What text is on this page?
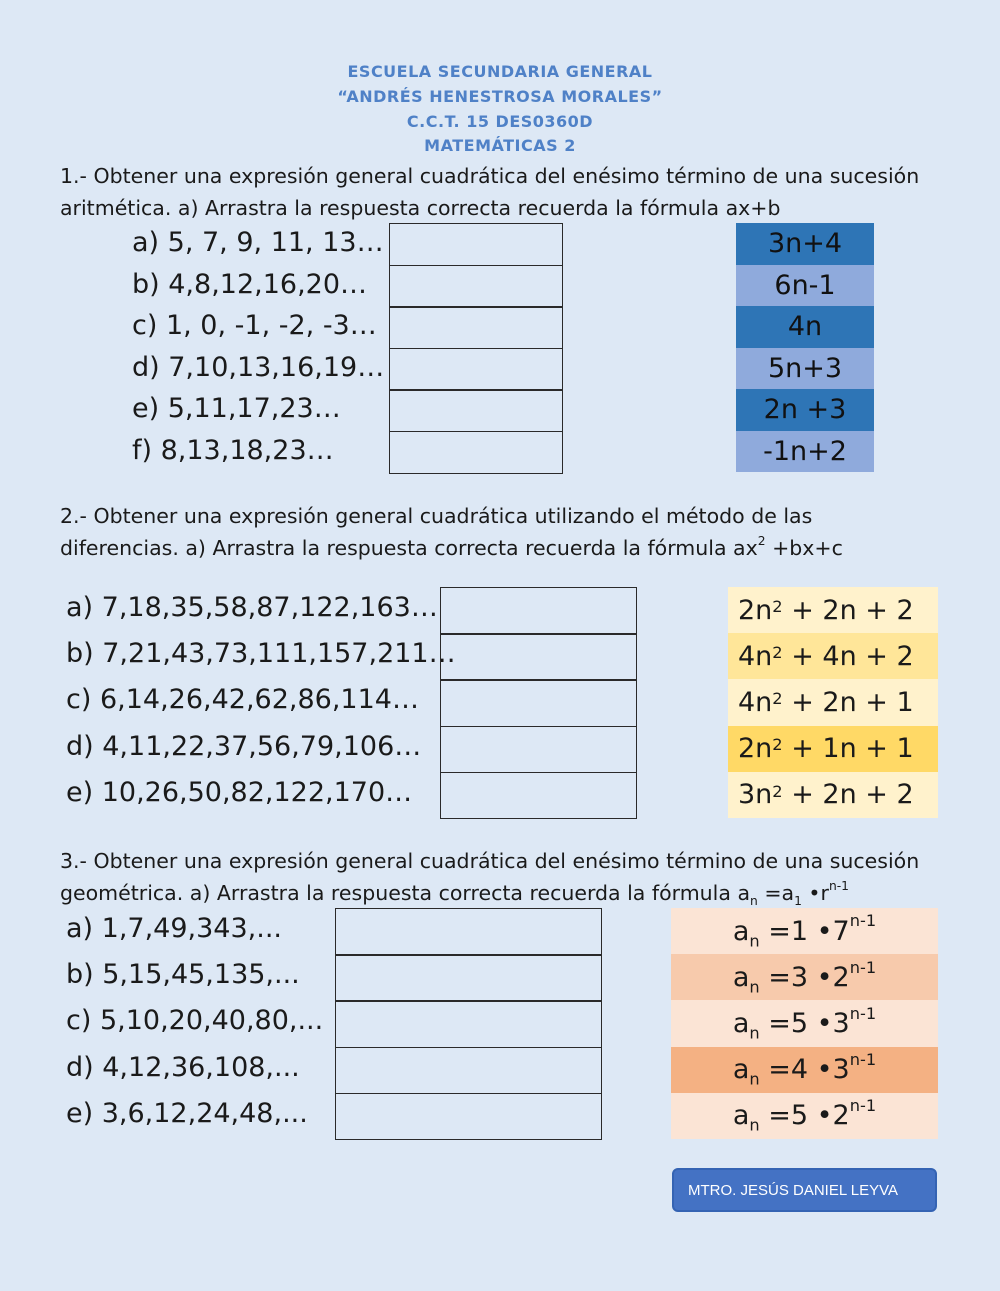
ESCUELA SECUNDARIA GENERAL
“ANDRÉS HENESTROSA MORALES”
C.C.T. 15 DES0360D
MATEMÁTICAS 2
1.- Obtener una expresión general cuadrática del enésimo término de una sucesión
aritmética. a) Arrastra la respuesta correcta recuerda la fórmula ax+b
a) 5, 7, 9, 11, 13…
b) 4,8,12,16,20…
c) 1, 0, -1, -2, -3…
d) 7,10,13,16,19…
e) 5,11,17,23…
f) 8,13,18,23…
3n+4
6n-1
4n
5n+3
2n +3
-1n+2
2.- Obtener una expresión general cuadrática utilizando el método de las
diferencias. a) Arrastra la respuesta correcta recuerda la fórmula $ax^2 +bx+c$
a) 7,18,35,58,87,122,163…
b) 7,21,43,73,111,157,211…
c) 6,14,26,42,62,86,114…
d) 4,11,22,37,56,79,106…
e) 10,26,50,82,122,170…
$2n^2 + 2n + 2$
$4n^2 + 4n + 2$
$4n^2 + 2n + 1$
$2n^2 + 1n + 1$
$3n^2 + 2n + 2$
3.- Obtener una expresión general cuadrática del enésimo término de una sucesión
geométrica. a) Arrastra la respuesta correcta recuerda la fórmula $a_n =a_1$ $•r^{n-1}$
a) 1,7,49,343,...
b) 5,15,45,135,...
c) 5,10,20,40,80,...
d) 4,12,36,108,...
e) 3,6,12,24,48,...
$a_n =1$ •7$^{n-1}$
$a_n =3$ •2$^{n-1}$
$a_n =5$ •3$^{n-1}$
$a_n =4$ •3$^{n-1}$
$a_n =5$ •2$^{n-1}$
MTRO. JESÚS DANIEL LEYVA
